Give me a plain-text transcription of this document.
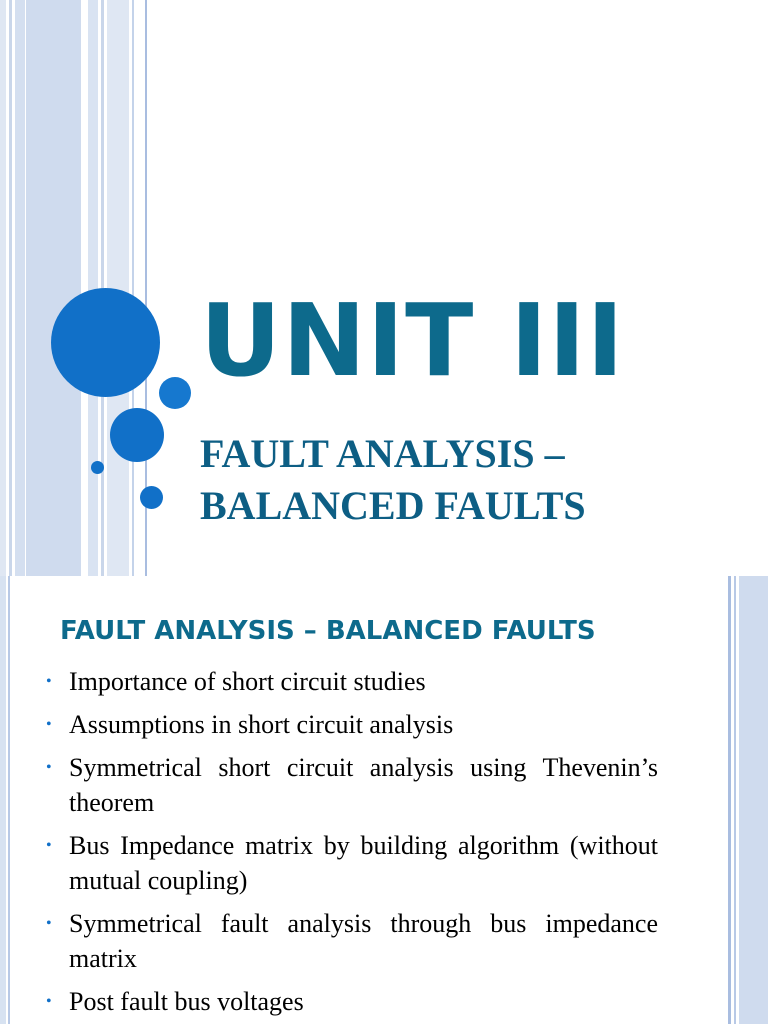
UNIT III
FAULT ANALYSIS –
BALANCED FAULTS
FAULT ANALYSIS – BALANCED FAULTS
• Importance of short circuit studies
• Assumptions in short circuit analysis
• Symmetrical short circuit analysis using Thevenin’s theorem
• Bus Impedance matrix by building algorithm (without mutual coupling)
• Symmetrical fault analysis through bus impedance matrix
• Post fault bus voltages
